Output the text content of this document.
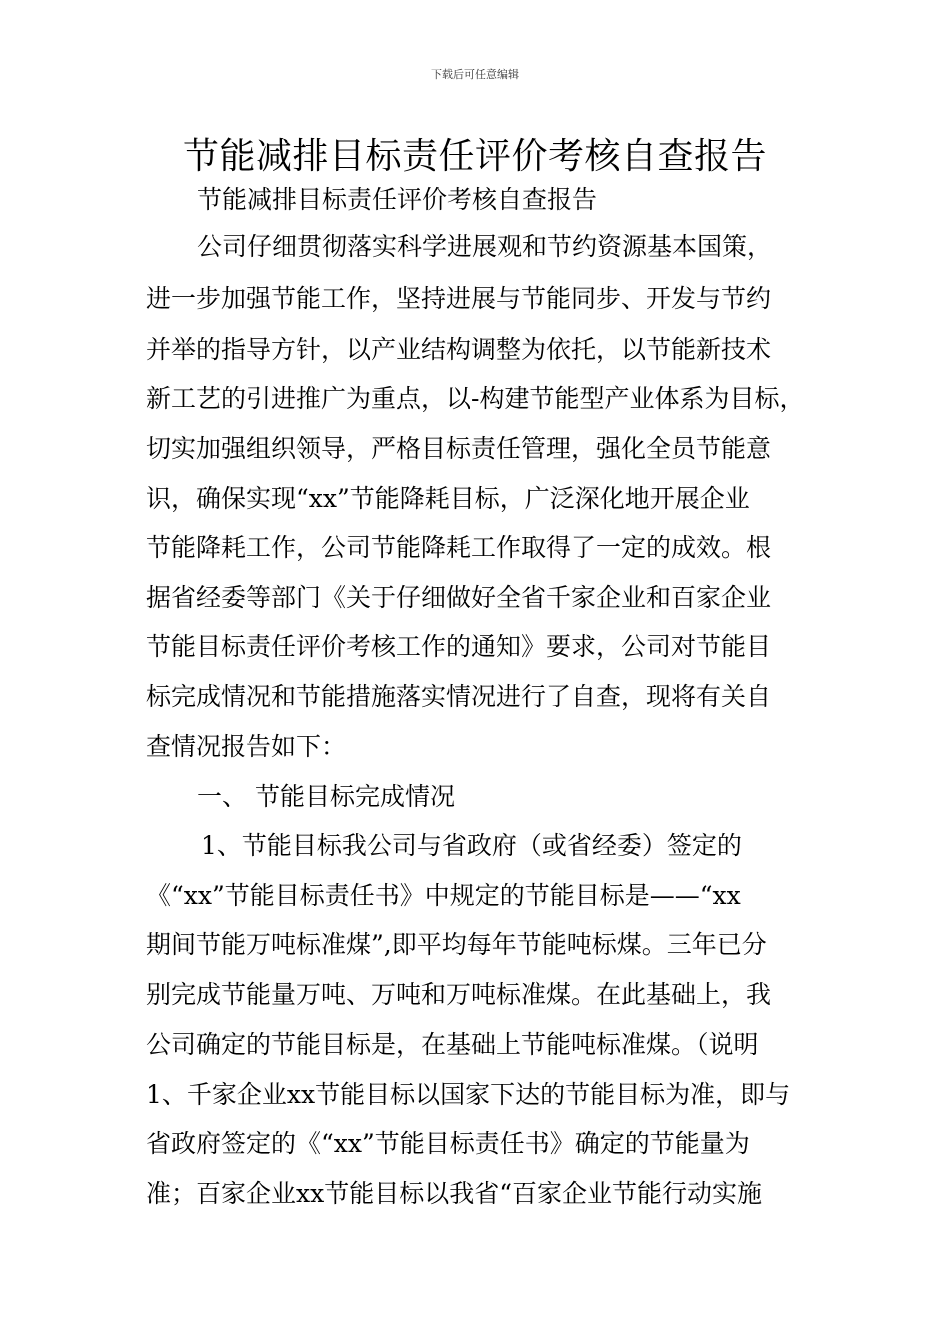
下载后可任意编辑
节能减排目标责任评价考核自查报告
节能减排目标责任评价考核自查报告
公司仔细贯彻落实科学进展观和节约资源基本国策，
进一步加强节能工作，坚持进展与节能同步、开发与节约
并举的指导方针，以产业结构调整为依托，以节能新技术
新工艺的引进推广为重点，以-构建节能型产业体系为目标，
切实加强组织领导，严格目标责任管理，强化全员节能意
识，确保实现“xx”节能降耗目标，广泛深化地开展企业
节能降耗工作，公司节能降耗工作取得了一定的成效。根
据省经委等部门《关于仔细做好全省千家企业和百家企业
节能目标责任评价考核工作的通知》要求，公司对节能目
标完成情况和节能措施落实情况进行了自查，现将有关自
查情况报告如下：
一、 节能目标完成情况
1、节能目标我公司与省政府（或省经委）签定的
《“xx”节能目标责任书》中规定的节能目标是——“xx
期间节能万吨标准煤”,即平均每年节能吨标煤。三年已分
别完成节能量万吨、万吨和万吨标准煤。在此基础上，我
公司确定的节能目标是，在基础上节能吨标准煤。（说明
1、千家企业xx节能目标以国家下达的节能目标为准，即与
省政府签定的《“xx”节能目标责任书》确定的节能量为
准；百家企业xx节能目标以我省“百家企业节能行动实施
